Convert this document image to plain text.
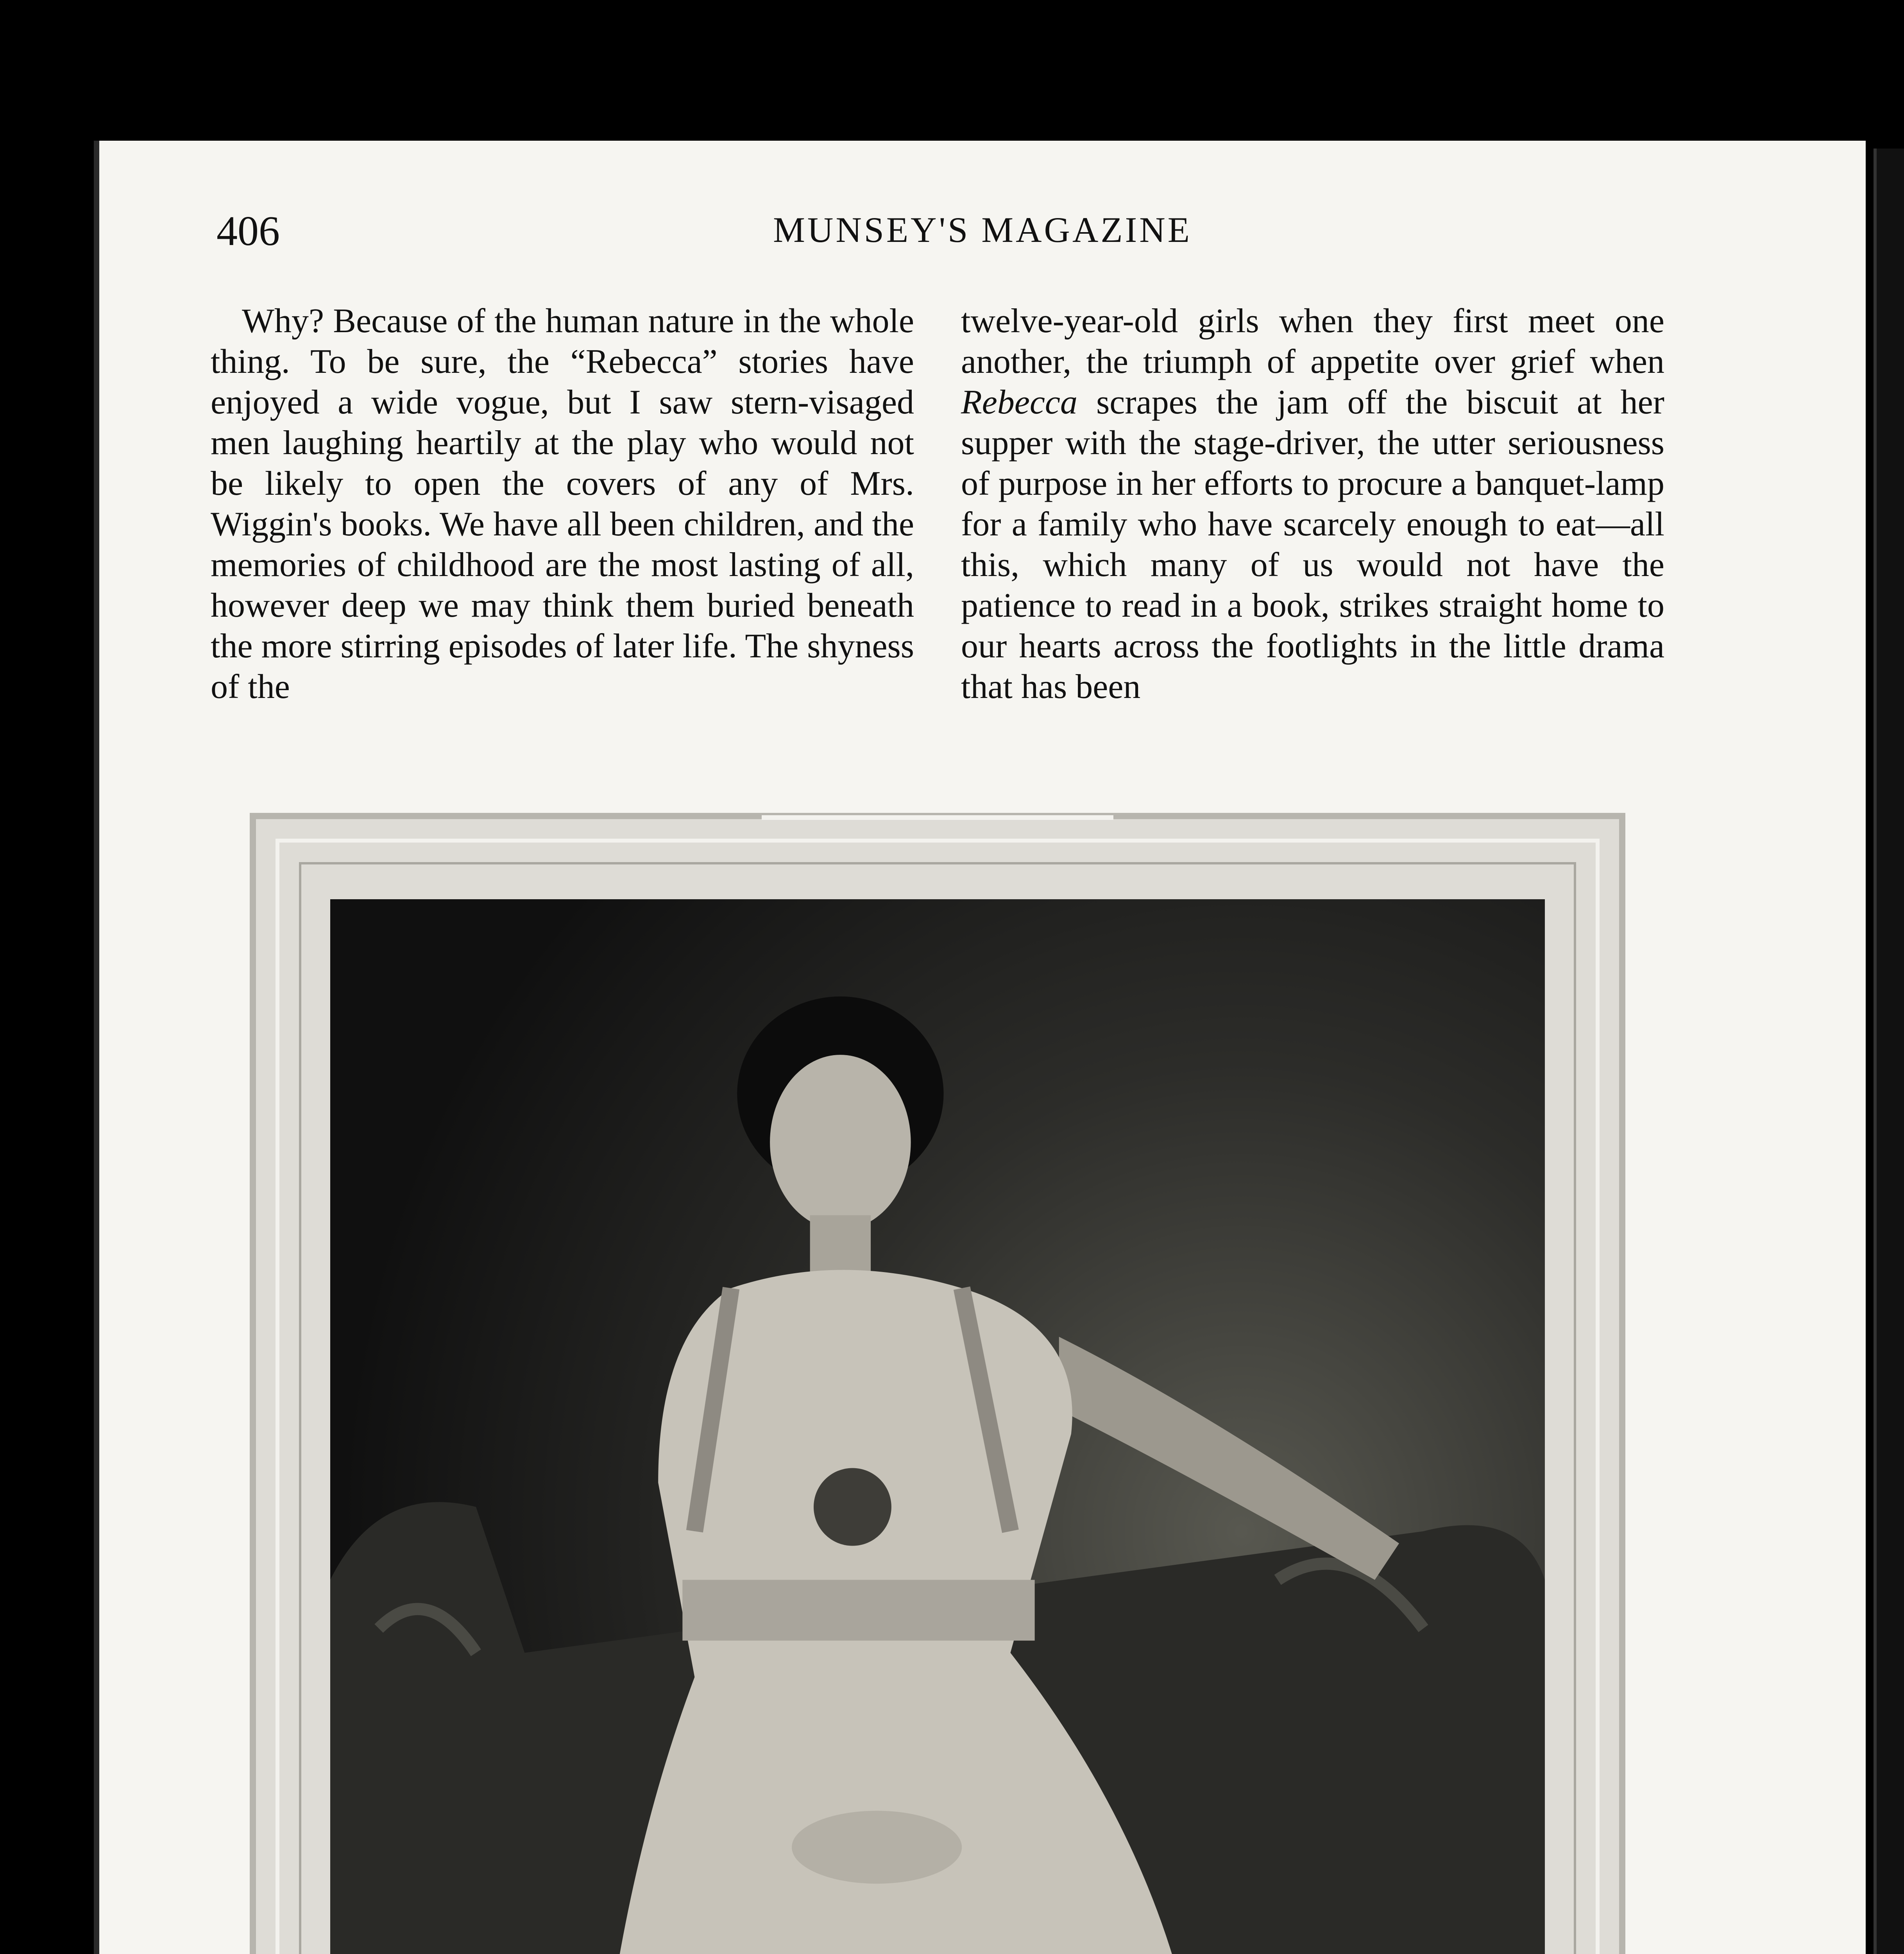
406	MUNSEY'S MAGAZINE

Why? Because of the human nature in the whole thing. To be sure, the “Rebecca” stories have enjoyed a wide vogue, but I saw stern-visaged men laughing heartily at the play who would not be likely to open the covers of any of Mrs. Wiggin's books. We have all been children, and the memories of childhood are the most lasting of all, however deep we may think them buried beneath the more stirring episodes of later life. The shyness of the

twelve-year-old girls when they first meet one another, the triumph of appetite over grief when Rebecca scrapes the jam off the biscuit at her supper with the stage-driver, the utter seriousness of purpose in her efforts to procure a banquet-lamp for a family who have scarcely enough to eat—all this, which many of us would not have the patience to read in a book, strikes straight home to our hearts across the footlights in the little drama that has been
